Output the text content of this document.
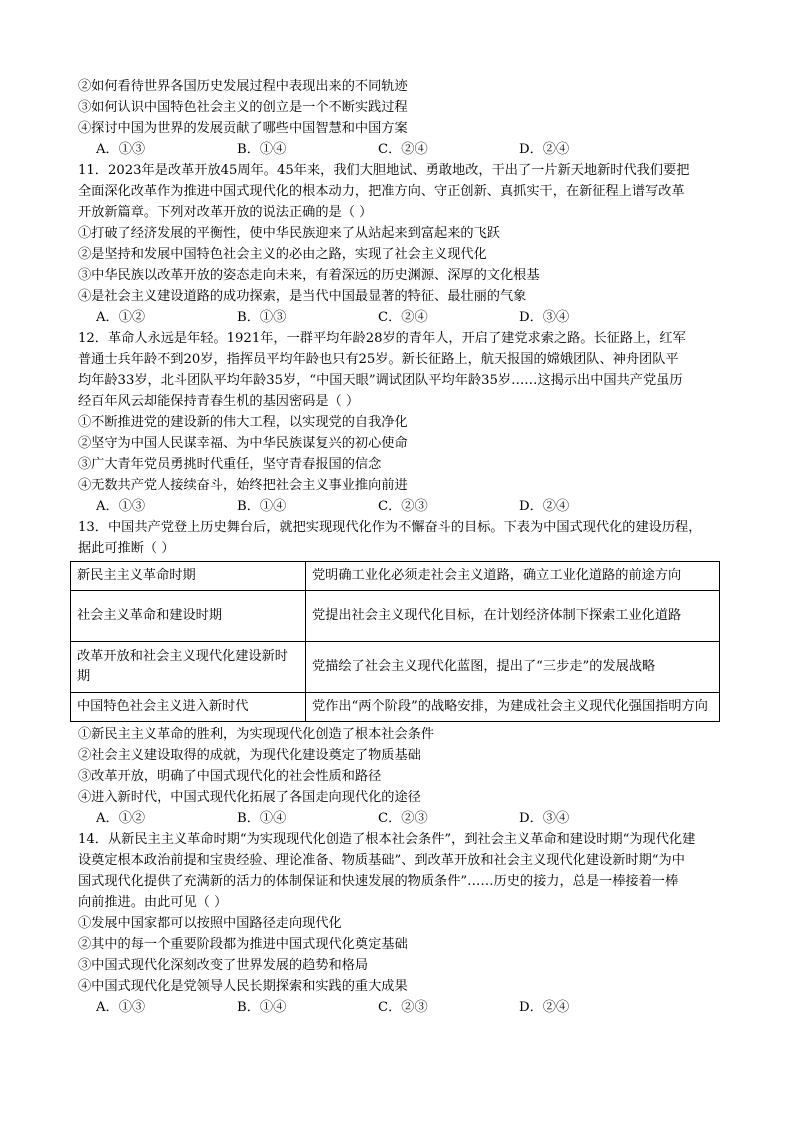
②如何看待世界各国历史发展过程中表现出来的不同轨迹
③如何认识中国特色社会主义的创立是一个不断实践过程
④探讨中国为世界的发展贡献了哪些中国智慧和中国方案
A．①③	B．①④	C．②④	D．②④
11．2023年是改革开放45周年。45年来，我们大胆地试、勇敢地改，干出了一片新天地新时代我们要把
全面深化改革作为推进中国式现代化的根本动力，把准方向、守正创新、真抓实干，在新征程上谱写改革
开放新篇章。下列对改革开放的说法正确的是（ ）
①打破了经济发展的平衡性，使中华民族迎来了从站起来到富起来的飞跃
②是坚持和发展中国特色社会主义的必由之路，实现了社会主义现代化
③中华民族以改革开放的姿态走向未来，有着深远的历史渊源、深厚的文化根基
④是社会主义建设道路的成功探索，是当代中国最显著的特征、最壮丽的气象
A．①②	B．①③	C．②④	D．③④
12．革命人永远是年轻。1921年，一群平均年龄28岁的青年人，开启了建党求索之路。长征路上，红军
普通士兵年龄不到20岁，指挥员平均年龄也只有25岁。新长征路上，航天报国的嫦娥团队、神舟团队平
均年龄33岁，北斗团队平均年龄35岁，“中国天眼”调试团队平均年龄35岁……这揭示出中国共产党虽历
经百年风云却能保持青春生机的基因密码是（ ）
①不断推进党的建设新的伟大工程，以实现党的自我净化
②坚守为中国人民谋幸福、为中华民族谋复兴的初心使命
③广大青年党员勇挑时代重任，坚守青春报国的信念
④无数共产党人接续奋斗，始终把社会主义事业推向前进
A．①③	B．①④	C．②③	D．②④
13．中国共产党登上历史舞台后，就把实现现代化作为不懈奋斗的目标。下表为中国式现代化的建设历程，
据此可推断（ ）
新民主主义革命时期	党明确工业化必须走社会主义道路，确立工业化道路的前途方向
社会主义革命和建设时期	党提出社会主义现代化目标，在计划经济体制下探索工业化道路
改革开放和社会主义现代化建设新时期	党描绘了社会主义现代化蓝图，提出了“三步走”的发展战略
中国特色社会主义进入新时代	党作出“两个阶段”的战略安排，为建成社会主义现代化强国指明方向
①新民主主义革命的胜利，为实现现代化创造了根本社会条件
②社会主义建设取得的成就，为现代化建设奠定了物质基础
③改革开放，明确了中国式现代化的社会性质和路径
④进入新时代，中国式现代化拓展了各国走向现代化的途径
A．①②	B．①④	C．②③	D．③④
14．从新民主主义革命时期“为实现现代化创造了根本社会条件”，到社会主义革命和建设时期“为现代化建
设奠定根本政治前提和宝贵经验、理论准备、物质基础”、到改革开放和社会主义现代化建设新时期“为中
国式现代化提供了充满新的活力的体制保证和快速发展的物质条件”……历史的接力，总是一棒接着一棒
向前推进。由此可见（ ）
①发展中国家都可以按照中国路径走向现代化
②其中的每一个重要阶段都为推进中国式现代化奠定基础
③中国式现代化深刻改变了世界发展的趋势和格局
④中国式现代化是党领导人民长期探索和实践的重大成果
A．①③	B．①④	C．②③	D．②④
